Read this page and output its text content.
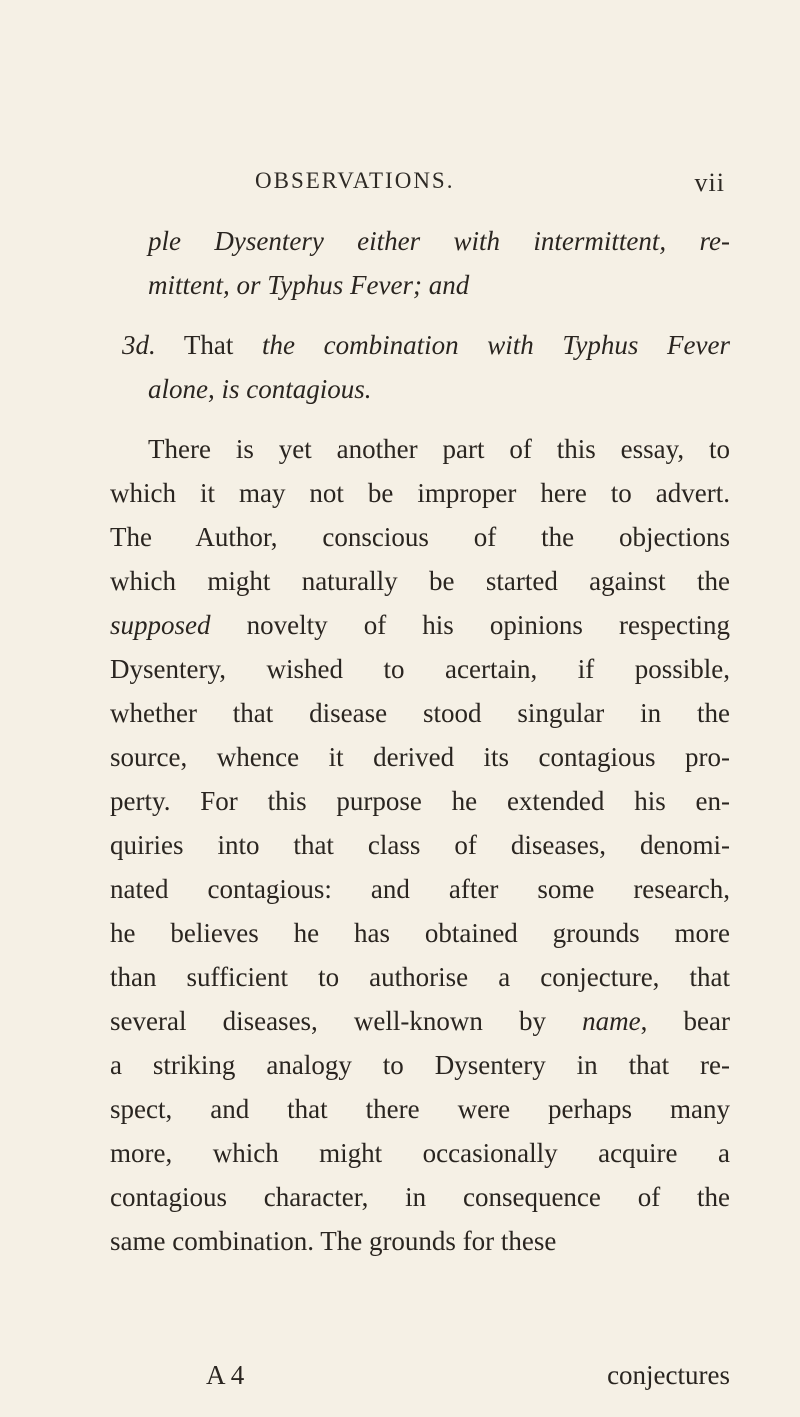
OBSERVATIONS.	vii
ple Dysentery either with intermittent, re-
mittent, or Typhus Fever; and
3d. That the combination with Typhus Fever
alone, is contagious.
There is yet another part of this essay, to
which it may not be improper here to advert.
The Author, conscious of the objections
which might naturally be started against the
supposed novelty of his opinions respecting
Dysentery, wished to acertain, if possible,
whether that disease stood singular in the
source, whence it derived its contagious pro-
perty. For this purpose he extended his en-
quiries into that class of diseases, denomi-
nated contagious: and after some research,
he believes he has obtained grounds more
than sufficient to authorise a conjecture, that
several diseases, well-known by name, bear
a striking analogy to Dysentery in that re-
spect, and that there were perhaps many
more, which might occasionally acquire a
contagious character, in consequence of the
same combination. The grounds for these
A 4	conjectures
